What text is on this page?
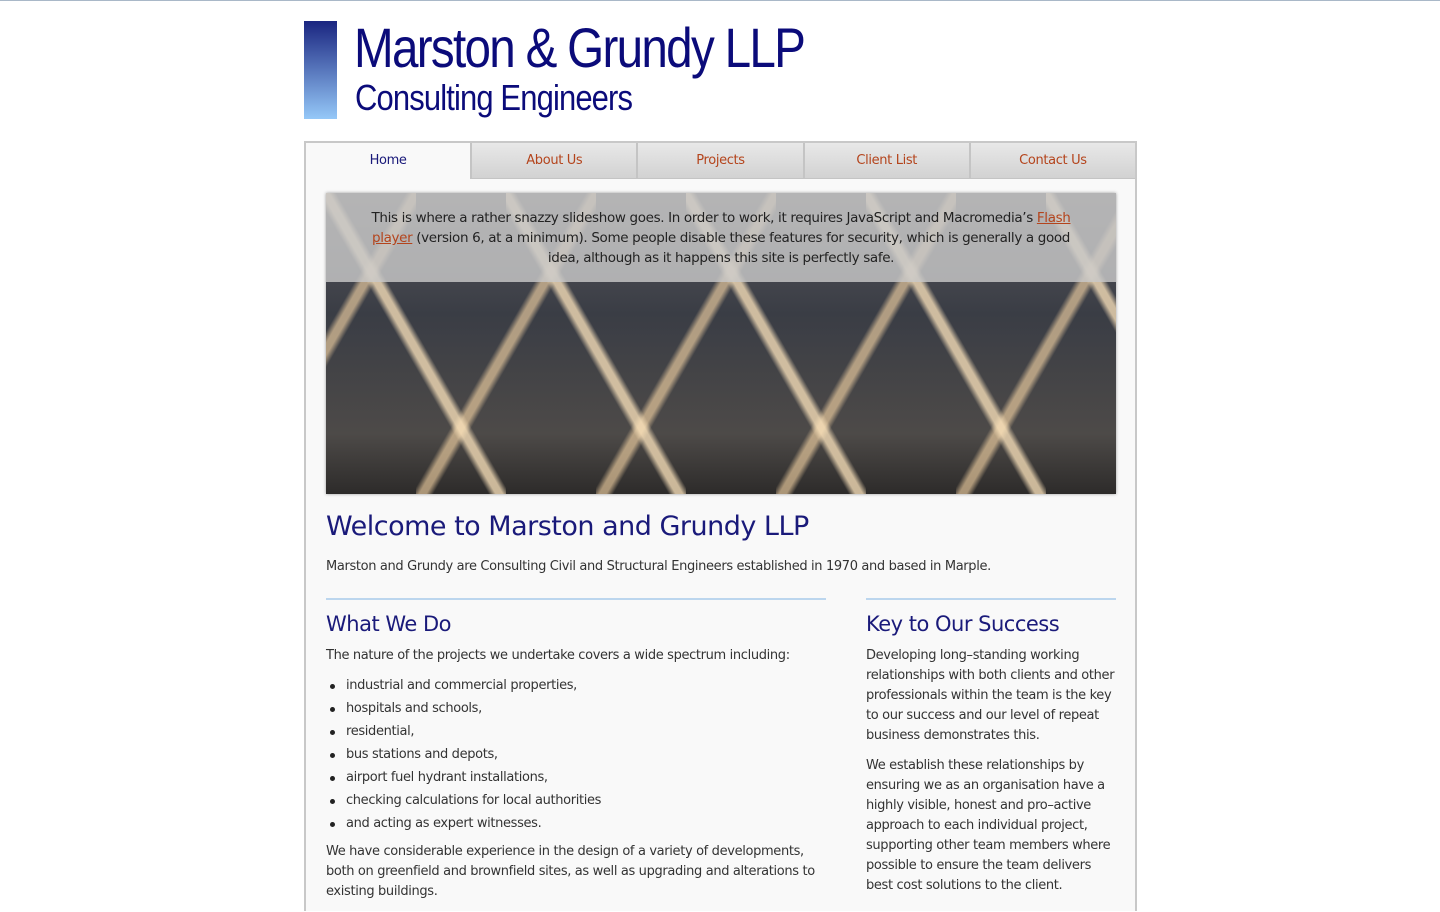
Marston & Grundy LLP
Consulting Engineers
Home	About Us	Projects	Client List	Contact Us
This is where a rather snazzy slideshow goes. In order to work, it requires JavaScript and Macromedia’s Flash player (version 6, at a minimum). Some people disable these features for security, which is generally a good idea, although as it happens this site is perfectly safe.
Welcome to Marston and Grundy LLP
Marston and Grundy are Consulting Civil and Structural Engineers established in 1970 and based in Marple.
What We Do

The nature of the projects we undertake covers a wide spectrum including:

industrial and commercial properties,
hospitals and schools,
residential,
bus stations and depots,
airport fuel hydrant installations,
checking calculations for local authorities
and acting as expert witnesses.

We have considerable experience in the design of a variety of developments, both on greenfield and brownfield sites, as well as upgrading and alterations to existing buildings.

Key to Our Success

Developing long–standing working relationships with both clients and other professionals within the team is the key to our success and our level of repeat business demonstrates this.

We establish these relationships by ensuring we as an organisation have a highly visible, honest and pro–active approach to each individual project, supporting other team members where possible to ensure the team delivers best cost solutions to the client.
